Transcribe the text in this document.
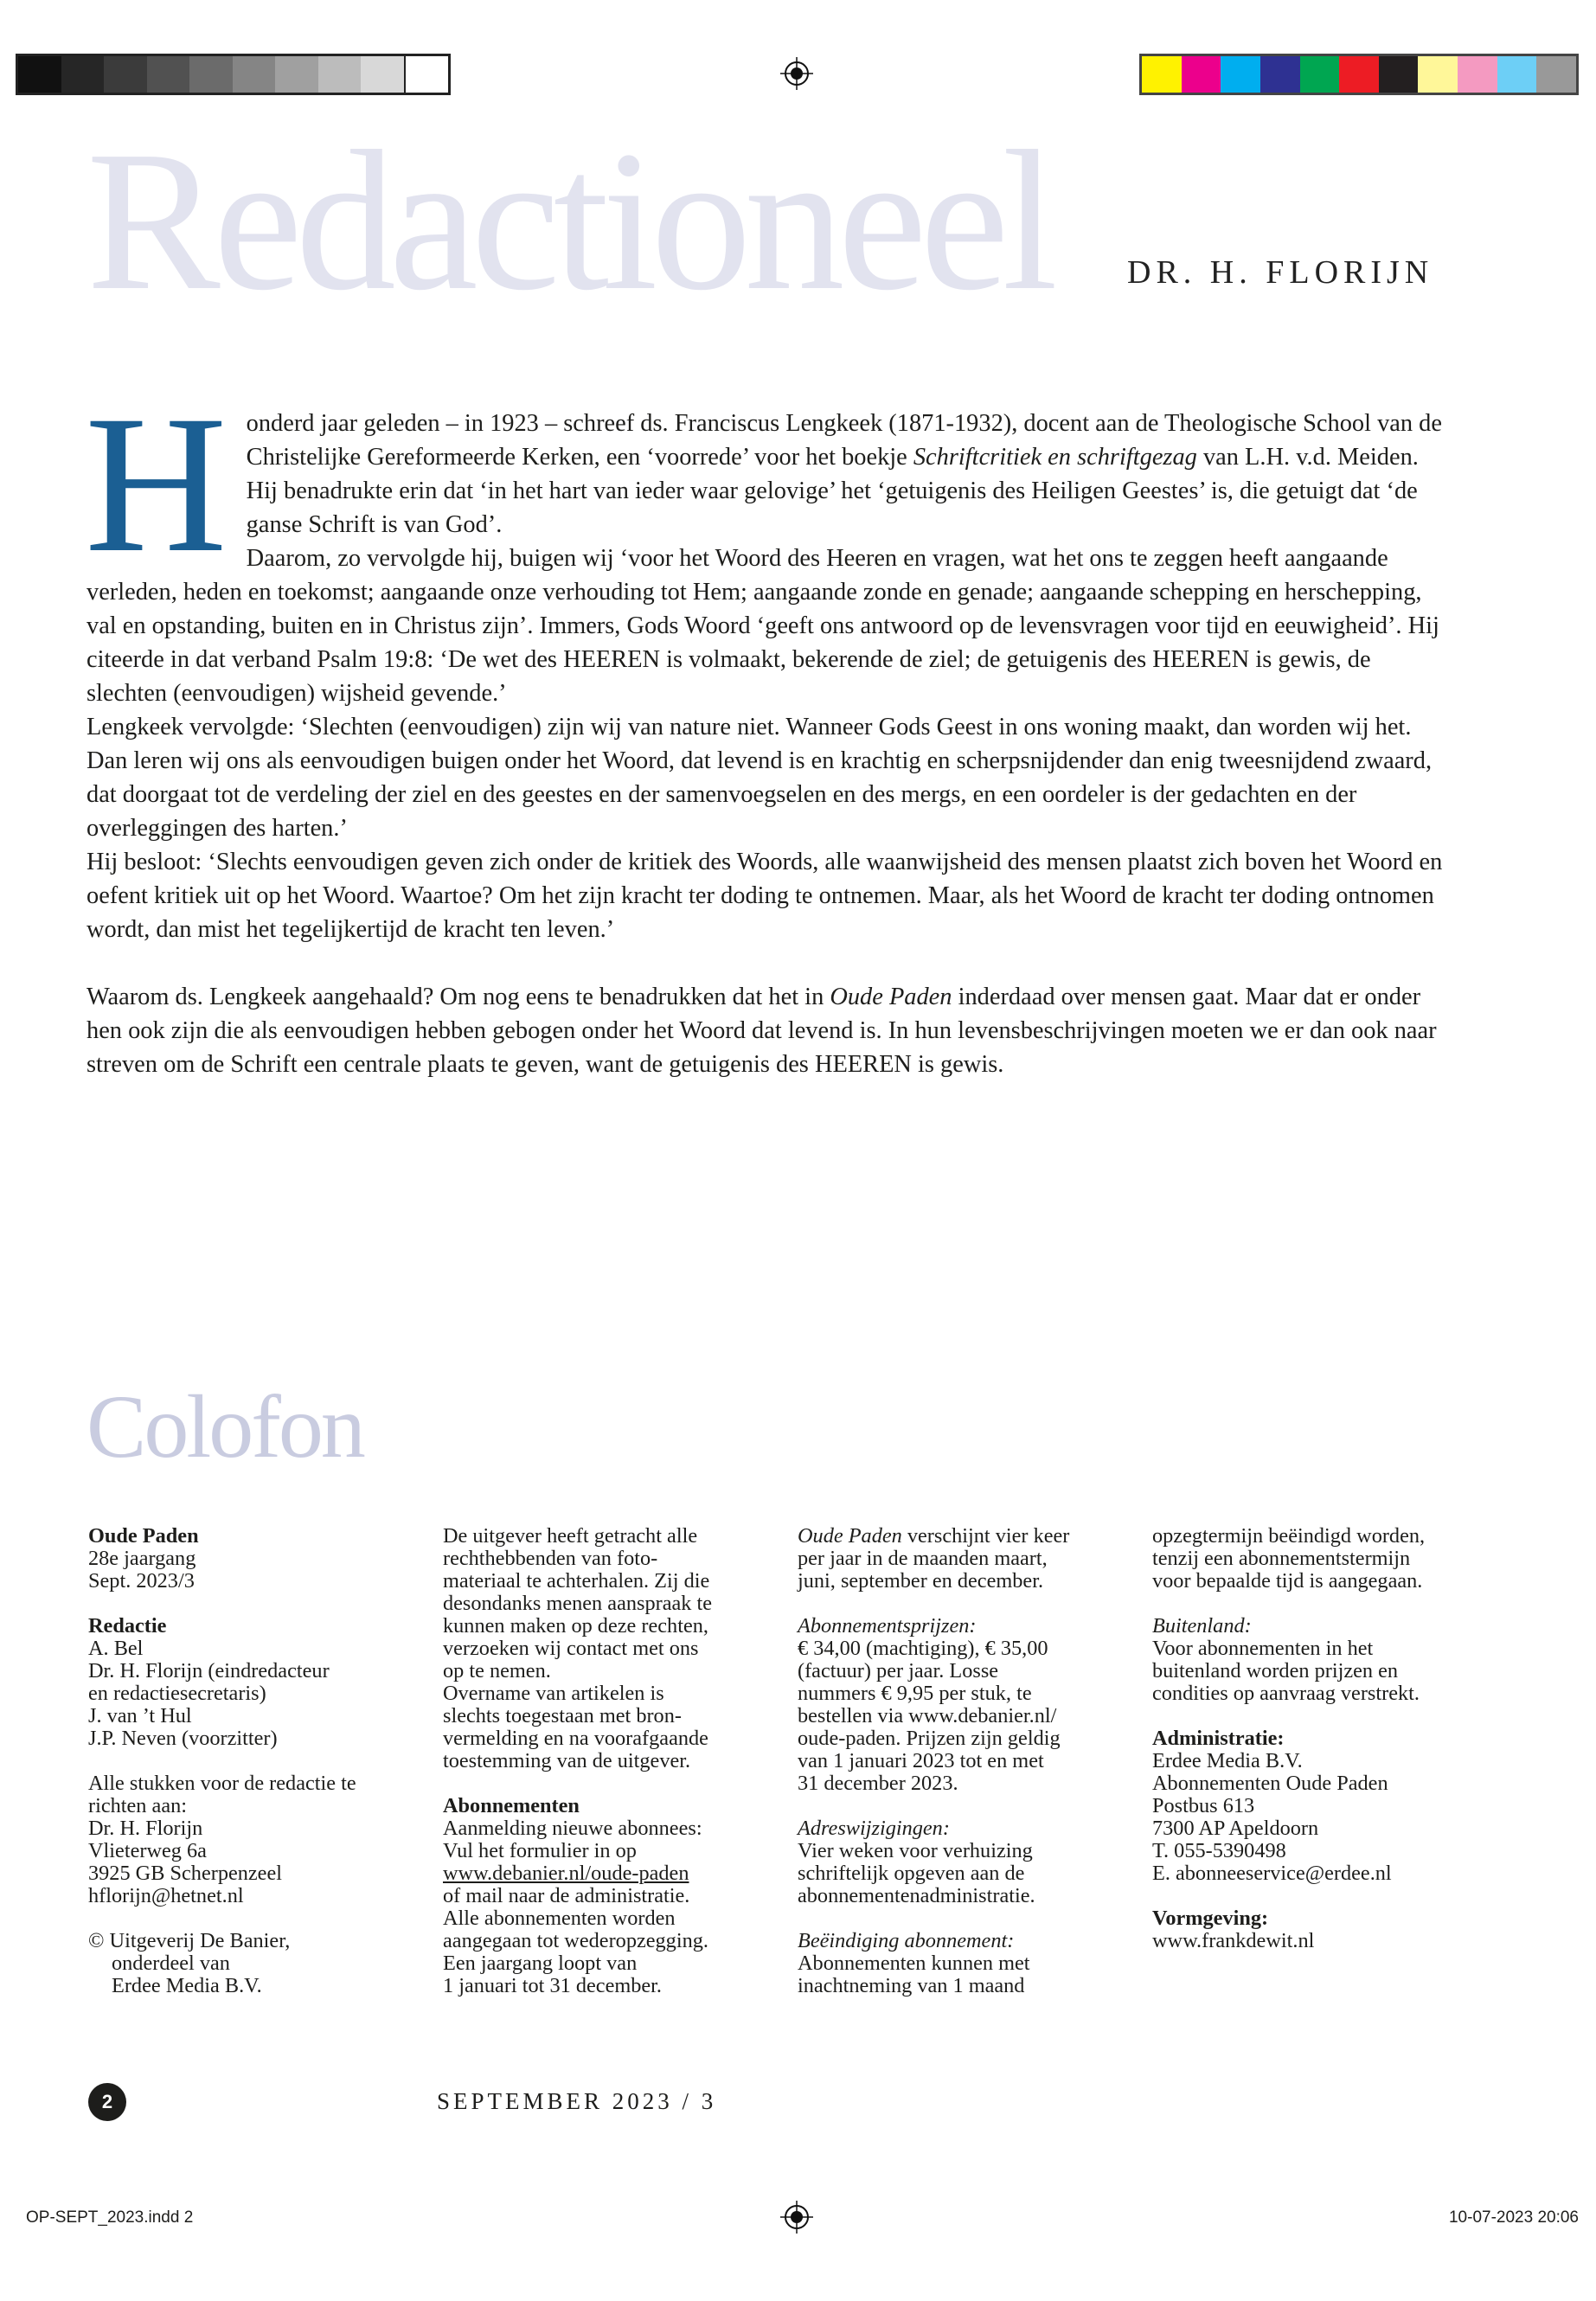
Redactioneel DR. H. FLORIJN
H onderd jaar geleden – in 1923 – schreef ds. Franciscus Lengkeek (1871-1932), docent aan de Theologische School van de Christelijke Gereformeerde Kerken, een ‘voorrede’ voor het boekje Schriftcritiek en schriftgezag van L.H. v.d. Meiden.

Hij benadrukte erin dat ‘in het hart van ieder waar gelovige’ het ‘getuigenis des Heiligen Geestes’ is, die getuigt dat ‘de ganse Schrift is van God’.

Daarom, zo vervolgde hij, buigen wij ‘voor het Woord des Heeren en vragen, wat het ons te zeggen heeft aangaande verleden, heden en toekomst; aangaande onze verhouding tot Hem; aangaande zonde en genade; aangaande schepping en herschepping, val en opstanding, buiten en in Christus zijn’. Immers, Gods Woord ‘geeft ons antwoord op de levensvragen voor tijd en eeuwigheid’. Hij citeerde in dat verband Psalm 19:8: ‘De wet des HEEREN is volmaakt, bekerende de ziel; de getuigenis des HEEREN is gewis, de slechten (eenvoudigen) wijsheid gevende.’

Lengkeek vervolgde: ‘Slechten (eenvoudigen) zijn wij van nature niet. Wanneer Gods Geest in ons woning maakt, dan worden wij het. Dan leren wij ons als eenvoudigen buigen onder het Woord, dat levend is en krachtig en scherpsnijdender dan enig tweesnijdend zwaard, dat doorgaat tot de verdeling der ziel en des geestes en der samenvoegselen en des mergs, en een oordeler is der gedachten en der overleggingen des harten.’

Hij besloot: ‘Slechts eenvoudigen geven zich onder de kritiek des Woords, alle waanwijsheid des mensen plaatst zich boven het Woord en oefent kritiek uit op het Woord. Waartoe? Om het zijn kracht ter doding te ontnemen. Maar, als het Woord de kracht ter doding ontnomen wordt, dan mist het tegelijkertijd de kracht ten leven.’

Waarom ds. Lengkeek aangehaald? Om nog eens te benadrukken dat het in Oude Paden inderdaad over mensen gaat. Maar dat er onder hen ook zijn die als eenvoudigen hebben gebogen onder het Woord dat levend is. In hun levensbeschrijvingen moeten we er dan ook naar streven om de Schrift een centrale plaats te geven, want de getuigenis des HEEREN is gewis.

Colofon
Oude Paden
28e jaargang
Sept. 2023/3
Redactie
A. Bel
Dr. H. Florijn (eindredacteur
en redactiesecretaris)
J. van ’t Hul
J.P. Neven (voorzitter)
Alle stukken voor de redactie te
richten aan:
Dr. H. Florijn
Vlieterweg 6a
3925 GB Scherpenzeel
hflorijn@hetnet.nl
© Uitgeverij De Banier,
onderdeel van
Erdee Media B.V.
De uitgever heeft getracht alle
rechthebbenden van foto-
materiaal te achterhalen. Zij die
desondanks menen aanspraak te
kunnen maken op deze rechten,
verzoeken wij contact met ons
op te nemen.
Overname van artikelen is
slechts toegestaan met bron-
vermelding en na voorafgaande
toestemming van de uitgever.
Abonnementen
Aanmelding nieuwe abonnees:
Vul het formulier in op
www.debanier.nl/oude-paden
of mail naar de administratie.
Alle abonnementen worden
aangegaan tot wederopzegging.
Een jaargang loopt van
1 januari tot 31 december.
Oude Paden verschijnt vier keer
per jaar in de maanden maart,
juni, september en december.
Abonnementsprijzen:
€ 34,00 (machtiging), € 35,00
(factuur) per jaar. Losse
nummers € 9,95 per stuk, te
bestellen via www.debanier.nl/
oude-paden. Prijzen zijn geldig
van 1 januari 2023 tot en met
31 december 2023.
Adreswijzigingen:
Vier weken voor verhuizing
schriftelijk opgeven aan de
abonnementenadministratie.
Beëindiging abonnement:
Abonnementen kunnen met
inachtneming van 1 maand
opzegtermijn beëindigd worden,
tenzij een abonnementstermijn
voor bepaalde tijd is aangegaan.
Buitenland:
Voor abonnementen in het
buitenland worden prijzen en
condities op aanvraag verstrekt.
Administratie:
Erdee Media B.V.
Abonnementen Oude Paden
Postbus 613
7300 AP Apeldoorn
T. 055-5390498
E. abonneeservice@erdee.nl
Vormgeving:
www.frankdewit.nl
2	SEPTEMBER 2023 / 3
OP-SEPT_2023.indd 2	10-07-2023 20:06
